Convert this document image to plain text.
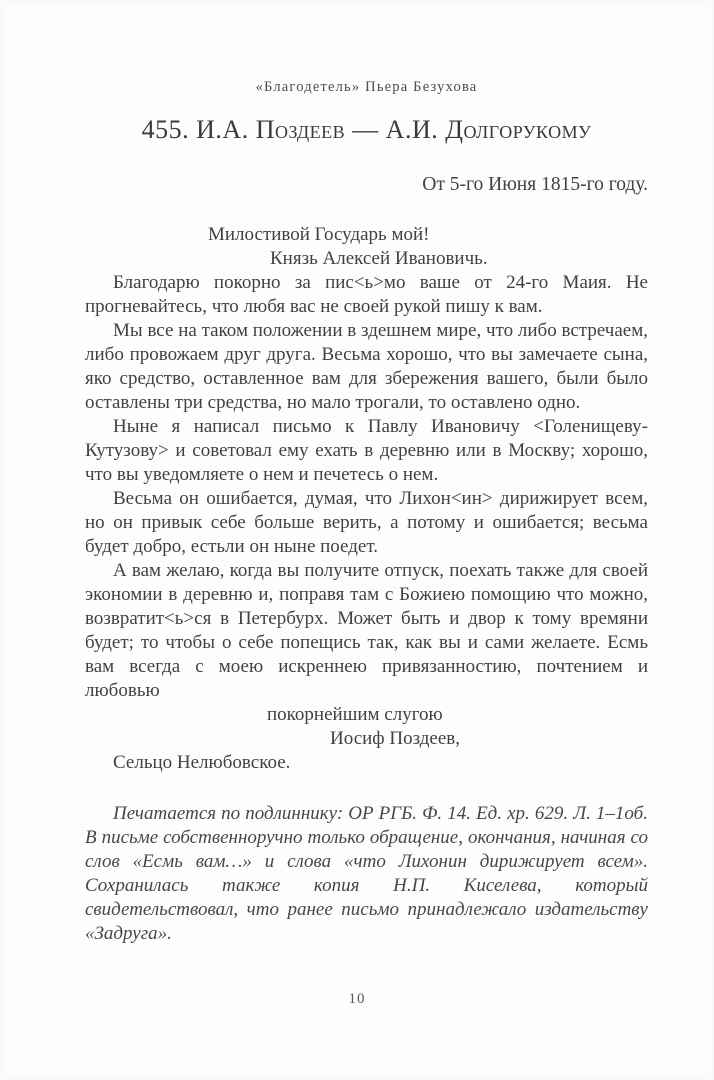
«Благодетель» Пьера Безухова
455. И.А. Поздеев — А.И. Долгорукому
От 5-го Июня 1815-го году.
Милостивой Государь мой!
Князь Алексей Ивановичь.

Благодарю покорно за пис<ь>мо ваше от 24-го Маия. Не прогневайтесь, что любя вас не своей рукой пишу к вам.

Мы все на таком положении в здешнем мире, что либо встречаем, либо провожаем друг друга. Весьма хорошо, что вы замечаете сына, яко средство, оставленное вам для збережения вашего, были было оставлены три средства, но мало трогали, то оставлено одно.

Ныне я написал письмо к Павлу Ивановичу <Голенищеву-Кутузову> и советовал ему ехать в деревню или в Москву; хорошо, что вы уведомляете о нем и печетесь о нем.

Весьма он ошибается, думая, что Лихон<ин> дирижирует всем, но он привык себе больше верить, а потому и ошибается; весьма будет добро, естьли он ныне поедет.

А вам желаю, когда вы получите отпуск, поехать также для своей экономии в деревню и, поправя там с Божиею помощию что можно, возвратит<ь>ся в Петербурх. Может быть и двор к тому времяни будет; то чтобы о себе попещись так, как вы и сами желаете. Есмь вам всегда с моею искреннею привязанностию, почтением и любовью

покорнейшим слугою
Иосиф Поздеев,
Сельцо Нелюбовское.
Печатается по подлиннику: ОР РГБ. Ф. 14. Ед. хр. 629. Л. 1–1об. В письме собственноручно только обращение, окончания, начиная со слов «Есмь вам…» и слова «что Лихонин дирижирует всем». Сохранилась также копия Н.П. Киселева, который свидетельствовал, что ранее письмо принадлежало издательству «Задруга».
10
